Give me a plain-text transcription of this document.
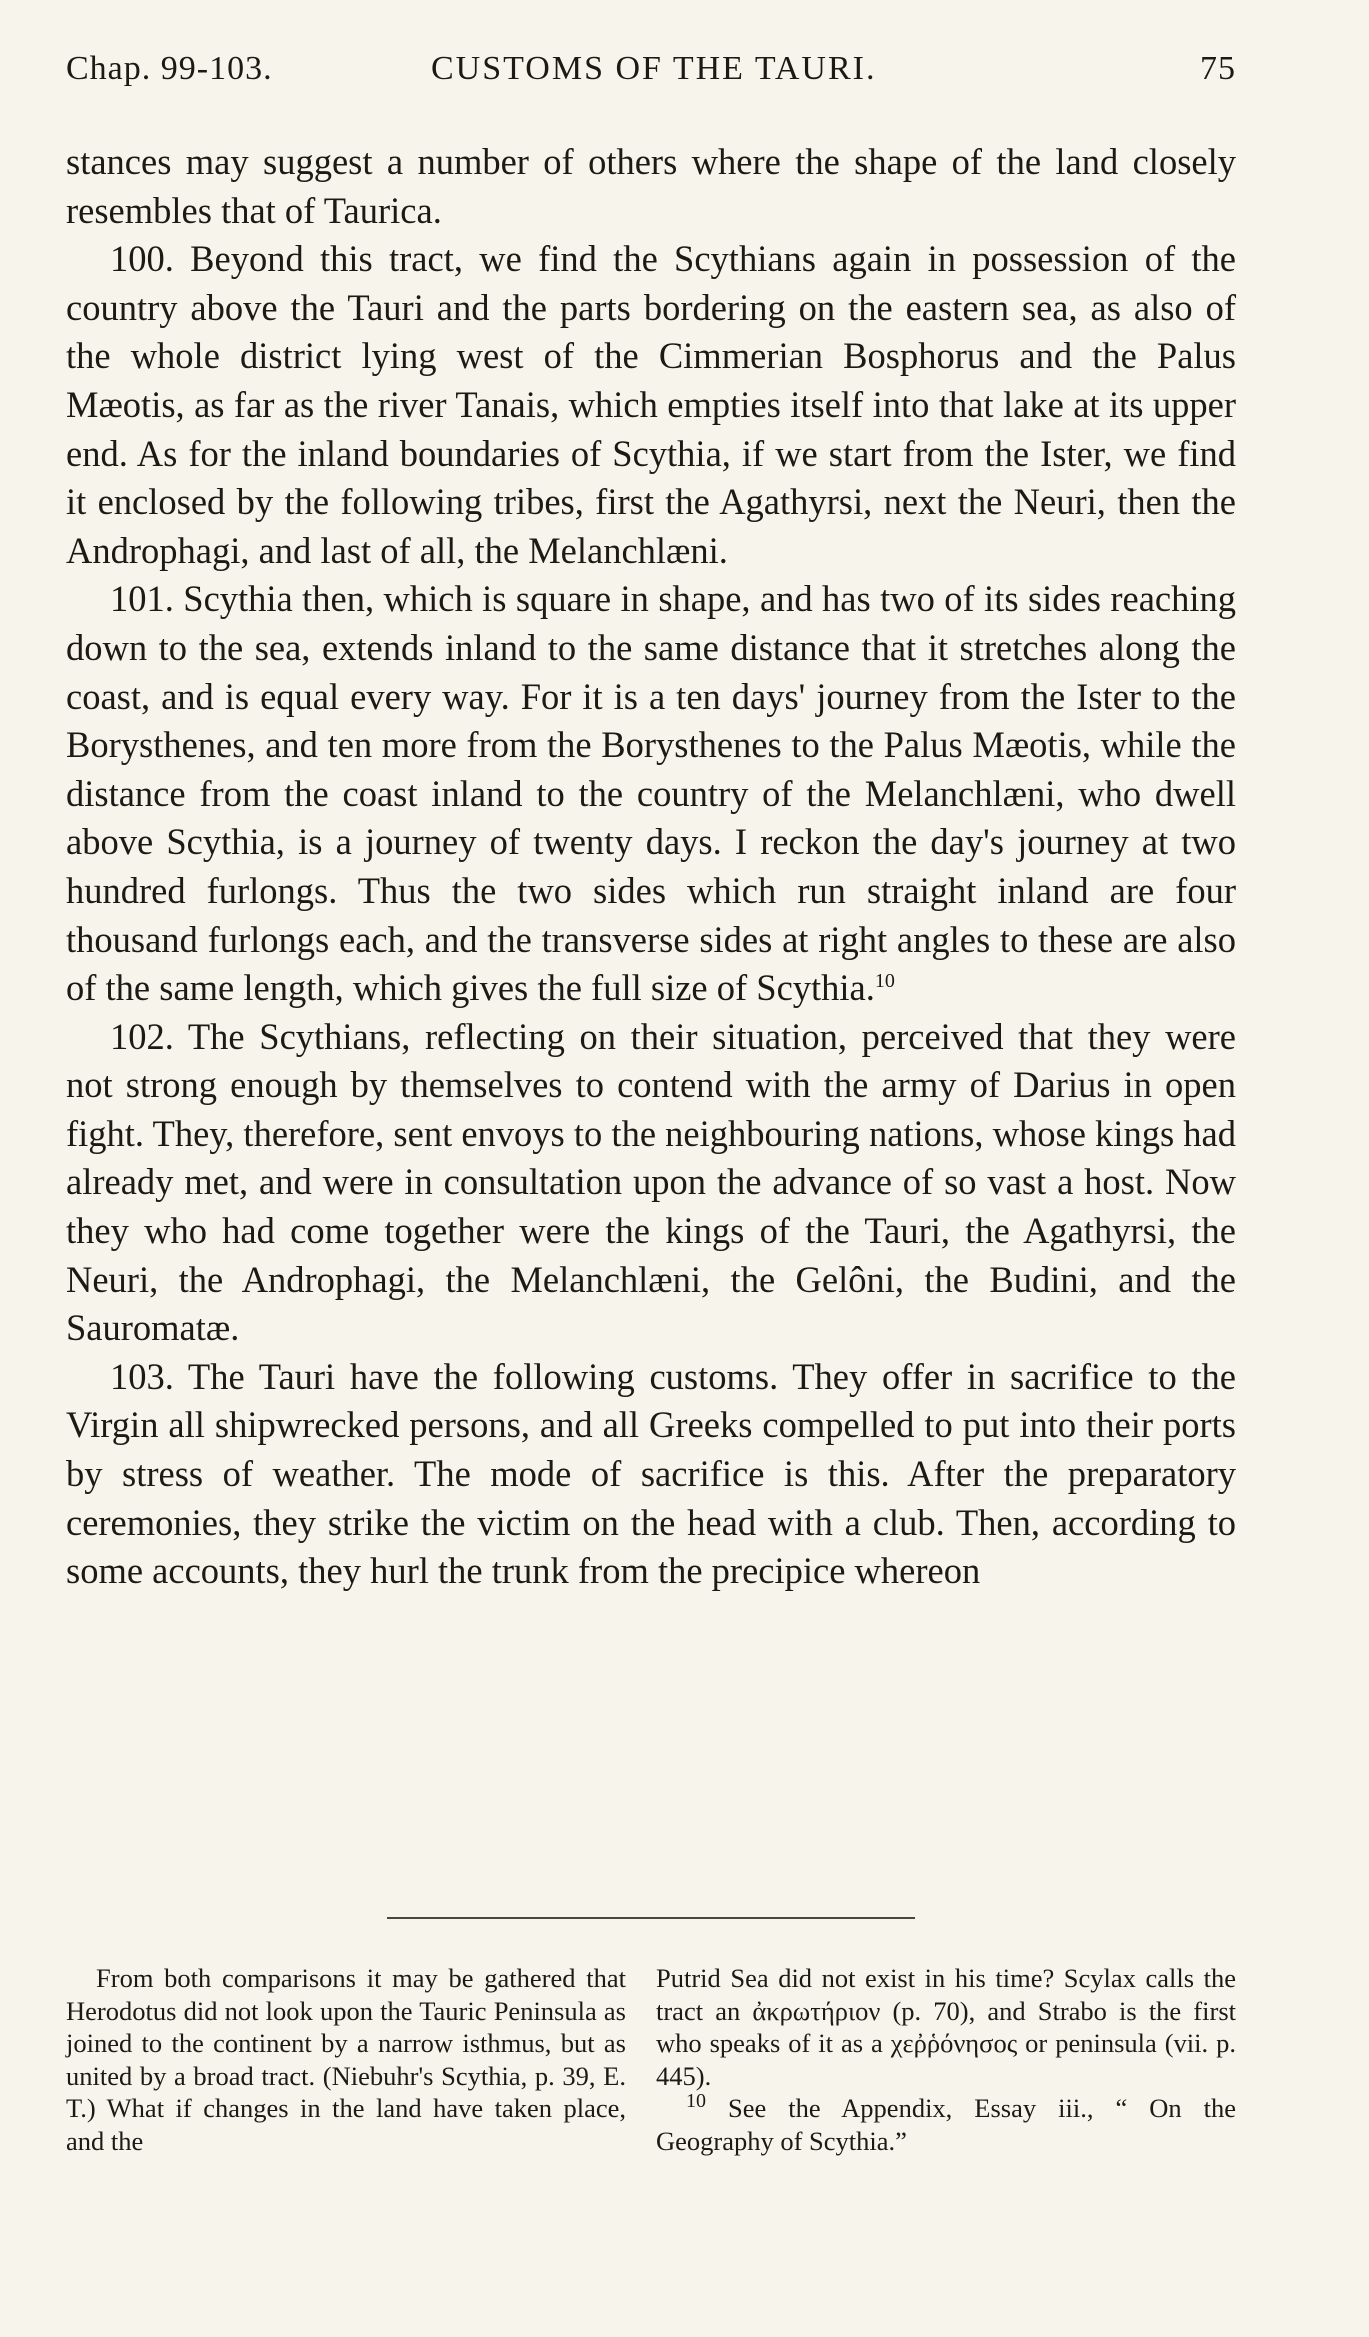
Chap. 99-103.	CUSTOMS OF THE TAURI.	75

stances may suggest a number of others where the shape of the land closely resembles that of Taurica.

100. Beyond this tract, we find the Scythians again in possession of the country above the Tauri and the parts bordering on the eastern sea, as also of the whole district lying west of the Cimmerian Bosphorus and the Palus Mæotis, as far as the river Tanais, which empties itself into that lake at its upper end. As for the inland boundaries of Scythia, if we start from the Ister, we find it enclosed by the following tribes, first the Agathyrsi, next the Neuri, then the Androphagi, and last of all, the Melanchlæni.

101. Scythia then, which is square in shape, and has two of its sides reaching down to the sea, extends inland to the same distance that it stretches along the coast, and is equal every way. For it is a ten days' journey from the Ister to the Borysthenes, and ten more from the Borysthenes to the Palus Mæotis, while the distance from the coast inland to the country of the Melanchlæni, who dwell above Scythia, is a journey of twenty days. I reckon the day's journey at two hundred furlongs. Thus the two sides which run straight inland are four thousand furlongs each, and the transverse sides at right angles to these are also of the same length, which gives the full size of Scythia.$^{10}$

102. The Scythians, reflecting on their situation, perceived that they were not strong enough by themselves to contend with the army of Darius in open fight. They, therefore, sent envoys to the neighbouring nations, whose kings had already met, and were in consultation upon the advance of so vast a host. Now they who had come together were the kings of the Tauri, the Agathyrsi, the Neuri, the Androphagi, the Melanchlæni, the Gelôni, the Budini, and the Sauromatæ.

103. The Tauri have the following customs. They offer in sacrifice to the Virgin all shipwrecked persons, and all Greeks compelled to put into their ports by stress of weather. The mode of sacrifice is this. After the preparatory ceremonies, they strike the victim on the head with a club. Then, according to some accounts, they hurl the trunk from the precipice whereon

From both comparisons it may be gathered that Herodotus did not look upon the Tauric Peninsula as joined to the continent by a narrow isthmus, but as united by a broad tract. (Niebuhr's Scythia, p. 39, E. T.) What if changes in the land have taken place, and the

Putrid Sea did not exist in his time? Scylax calls the tract an ἀκρωτήριον (p. 70), and Strabo is the first who speaks of it as a χεῤῥόνησος or peninsula (vii. p. 445).

$^{10}$ See the Appendix, Essay iii., “ On the Geography of Scythia.”
